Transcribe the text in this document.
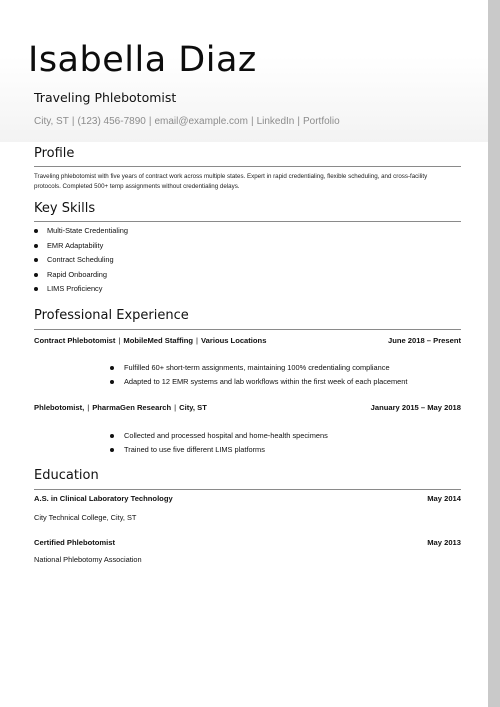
Isabella Diaz
Traveling Phlebotomist
City, ST | (123) 456-7890 | email@example.com | LinkedIn | Portfolio
Profile
Traveling phlebotomist with five years of contract work across multiple states. Expert in rapid credentialing, flexible scheduling, and cross-facility protocols. Completed 500+ temp assignments without credentialing delays.
Key Skills
Multi-State Credentialing
EMR Adaptability
Contract Scheduling
Rapid Onboarding
LIMS Proficiency
Professional Experience
Contract Phlebotomist | MobileMed Staffing | Various Locations	June 2018 – Present
Fulfilled 60+ short-term assignments, maintaining 100% credentialing compliance
Adapted to 12 EMR systems and lab workflows within the first week of each placement
Phlebotomist, | PharmaGen Research | City, ST	January 2015 – May 2018
Collected and processed hospital and home-health specimens
Trained to use five different LIMS platforms
Education
A.S. in Clinical Laboratory Technology	May 2014
City Technical College, City, ST
Certified Phlebotomist	May 2013
National Phlebotomy Association
